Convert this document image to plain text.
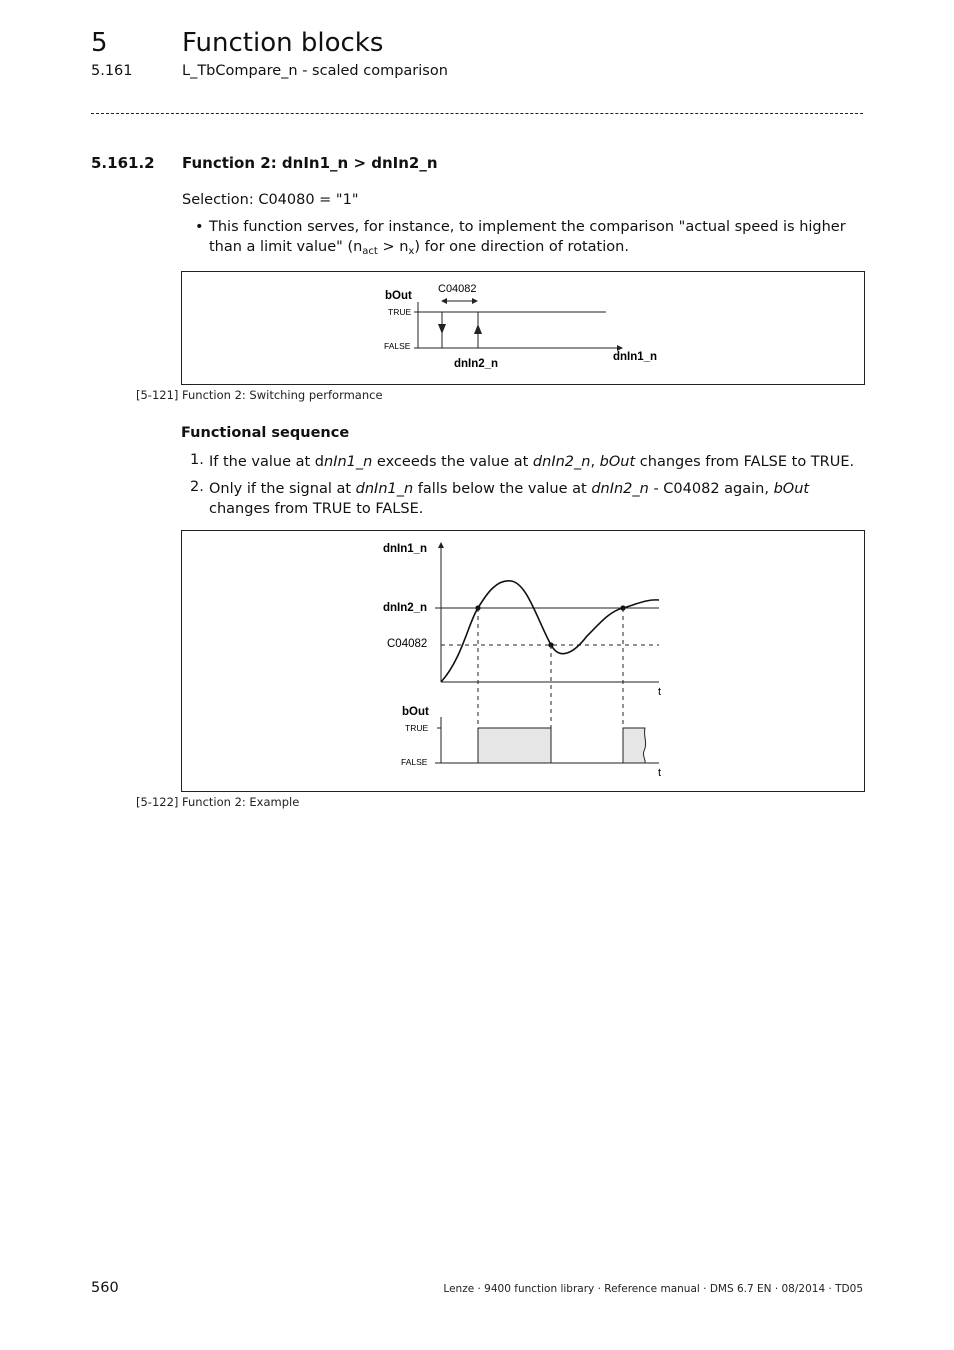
5	Function blocks
5.161	L_TbCompare_n - scaled comparison
5.161.2 Function 2: dnIn1_n > dnIn2_n
Selection: C04080 = "1"
• This function serves, for instance, to implement the comparison "actual speed is higher than a limit value" $(n_{act} > n_x)$ for one direction of rotation.
bOut
TRUE
FALSE
C04082
dnIn2_n
dnIn1_n
[5-121] Function 2: Switching performance
Functional sequence
1. If the value at dnIn1_n exceeds the value at dnIn2_n, bOut changes from FALSE to TRUE.
2. Only if the signal at dnIn1_n falls below the value at dnIn2_n - C04082 again, bOut changes from TRUE to FALSE.
dnIn1_n
t
dnIn2_n
C04082
bOut
TRUE
FALSE
t
[5-122] Function 2: Example
560	Lenze · 9400 function library · Reference manual · DMS 6.7 EN · 08/2014 · TD05
